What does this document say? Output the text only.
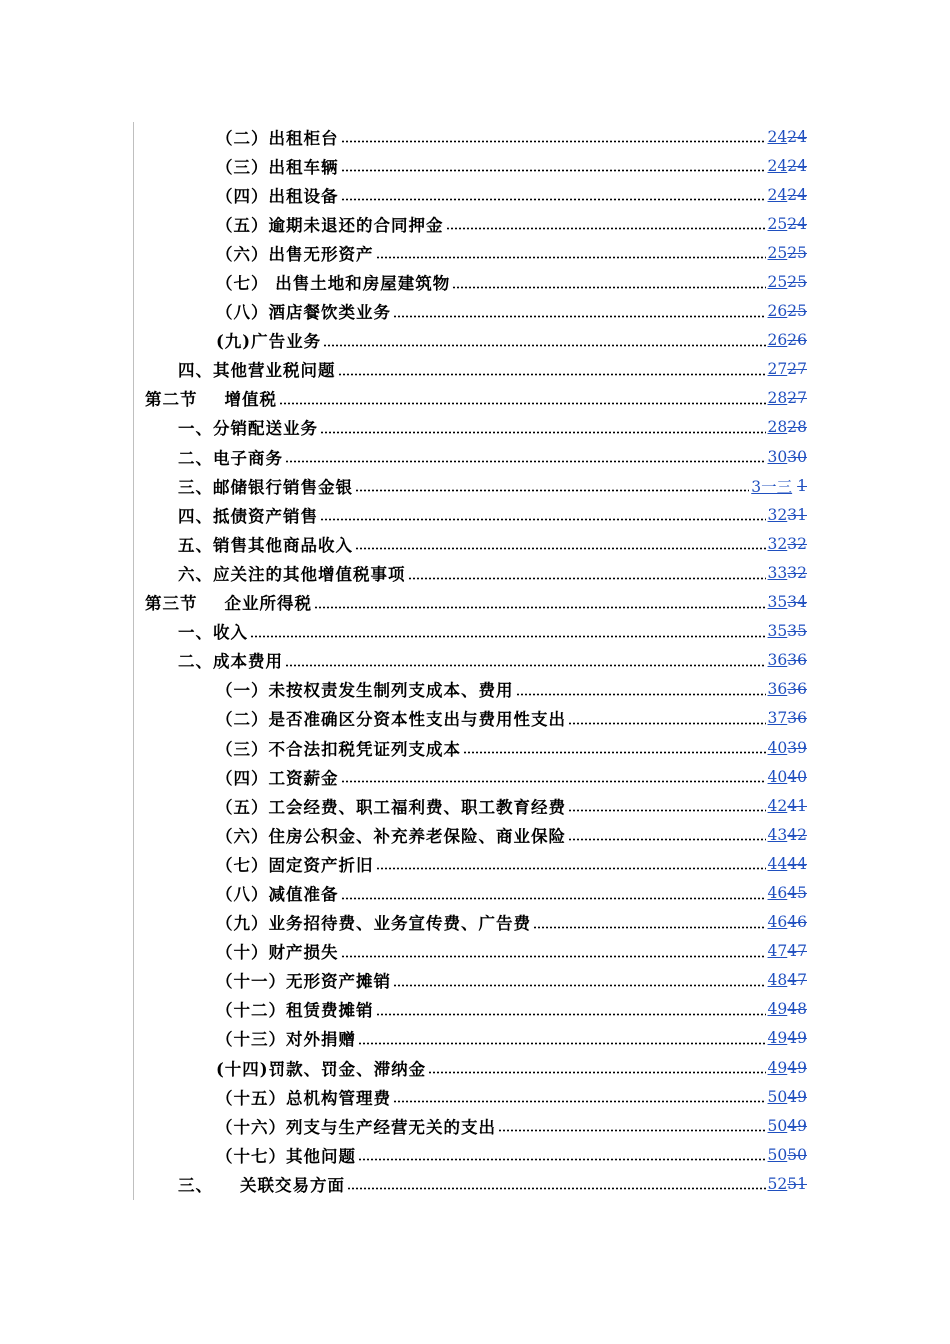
（二）出租柜台	24 24
（三）出租车辆	24 24
（四）出租设备	24 24
（五）逾期未退还的合同押金	25 24
（六）出售无形资产	25 25
（七） 出售土地和房屋建筑物	25 25
（八）酒店餐饮类业务	26 25
(九)广告业务	26 26
四、其他营业税问题	27 27
第二节    增值税	28 27
一、分销配送业务	28 28
二、电子商务	30 30
三、邮储银行销售金银	3一三 1
四、抵债资产销售	32 31
五、销售其他商品收入	32 32
六、应关注的其他增值税事项	33 32
第三节    企业所得税	35 34
一、收入	35 35
二、成本费用	36 36
（一）未按权责发生制列支成本、费用	36 36
（二）是否准确区分资本性支出与费用性支出	37 36
（三）不合法扣税凭证列支成本	40 39
（四）工资薪金	40 40
（五）工会经费、职工福利费、职工教育经费	42 41
（六）住房公积金、补充养老保险、商业保险	43 42
（七）固定资产折旧	44 44
（八）减值准备	46 45
（九）业务招待费、业务宣传费、广告费	46 46
（十）财产损失	47 47
（十一）无形资产摊销	48 47
（十二）租赁费摊销	49 48
（十三）对外捐赠	49 49
(十四)罚款、罚金、滞纳金	49 49
（十五）总机构管理费	50 49
（十六）列支与生产经营无关的支出	50 49
（十七）其他问题	50 50
三、    关联交易方面	52 51
